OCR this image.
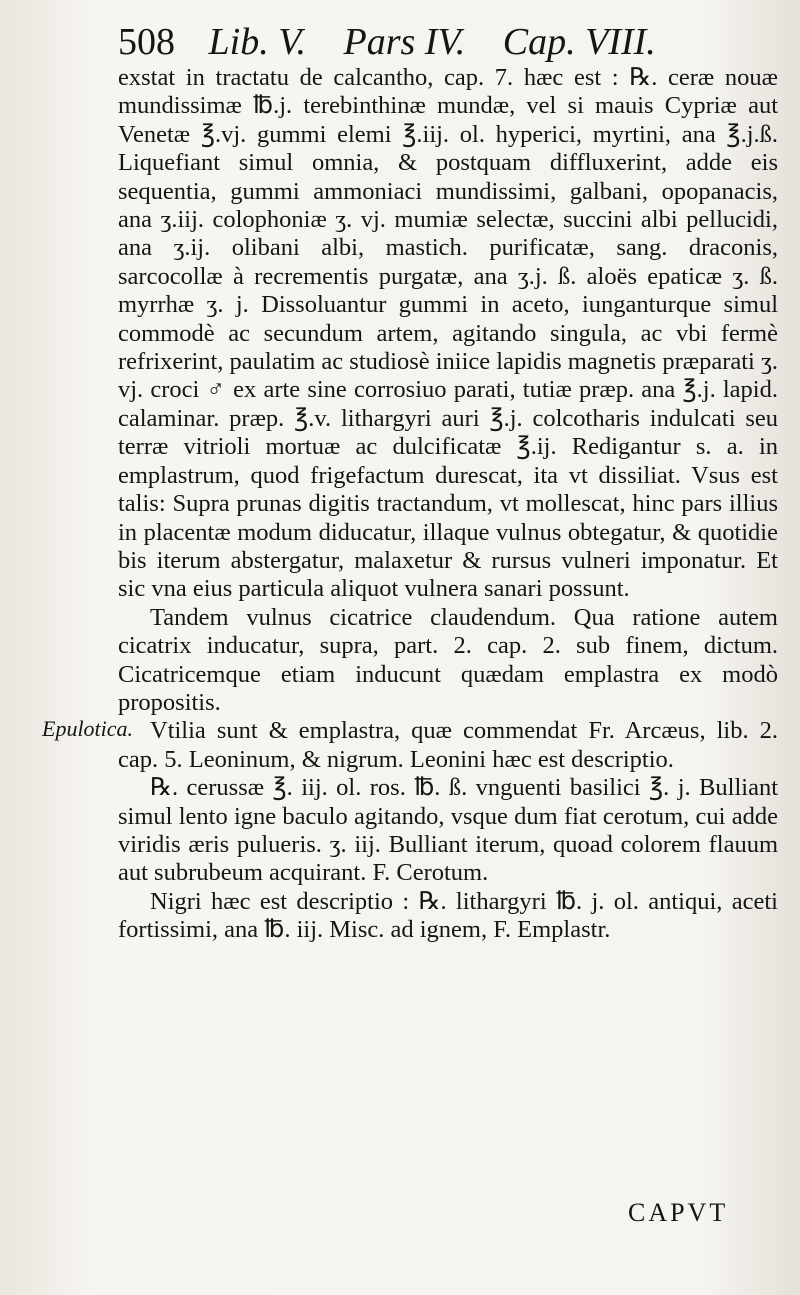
508 Lib. V. Pars IV. Cap. VIII.
Epulotica.

exstat in tractatu de calcantho, cap. 7. hæc est : ℞. ceræ nouæ mundissimæ ℔.j. terebinthinæ mundæ, vel si mauis Cypriæ aut Venetæ ℥.vj. gummi elemi ℥.iij. ol. hyperici, myrtini, ana ℥.j.ß. Liquefiant simul omnia, & postquam diffluxerint, adde eis sequentia, gummi ammoniaci mundissimi, galbani, opopanacis, ana ʒ.iij. colophoniæ ʒ. vj. mumiæ selectæ, succini albi pellucidi, ana ʒ.ij. olibani albi, mastich. purificatæ, sang. draconis, sarcocollæ à recrementis purgatæ, ana ʒ.j. ß. aloës epaticæ ʒ. ß. myrrhæ ʒ. j. Dissoluantur gummi in aceto, iunganturque simul commodè ac secundum artem, agitando singula, ac vbi fermè refrixerint, paulatim ac studiosè iniice lapidis magnetis præparati ʒ. vj. croci ♂ ex arte sine corrosiuo parati, tutiæ præp. ana ℥.j. lapid. calaminar. præp. ℥.v. lithargyri auri ℥.j. colcotharis indulcati seu terræ vitrioli mortuæ ac dulcificatæ ℥.ij. Redigantur s. a. in emplastrum, quod frigefactum durescat, ita vt dissiliat. Vsus est talis: Supra prunas digitis tractandum, vt mollescat, hinc pars illius in placentæ modum diducatur, illaque vulnus obtegatur, & quotidie bis iterum abstergatur, malaxetur & rursus vulneri imponatur. Et sic vna eius particula aliquot vulnera sanari possunt.

Tandem vulnus cicatrice claudendum. Qua ratione autem cicatrix inducatur, supra, part. 2. cap. 2. sub finem, dictum. Cicatricemque etiam inducunt quædam emplastra ex modò propositis.

Vtilia sunt & emplastra, quæ commendat Fr. Arcæus, lib. 2. cap. 5. Leoninum, & nigrum. Leonini hæc est descriptio.

℞. cerussæ ℥. iij. ol. ros. ℔. ß. vnguenti basilici ℥. j. Bulliant simul lento igne baculo agitando, vsque dum fiat cerotum, cui adde viridis æris pulueris. ʒ. iij. Bulliant iterum, quoad colorem flauum aut subrubeum acquirant. F. Cerotum.

Nigri hæc est descriptio : ℞. lithargyri ℔. j. ol. antiqui, aceti fortissimi, ana ℔. iij. Misc. ad ignem, F. Emplastr.

CAPVT
